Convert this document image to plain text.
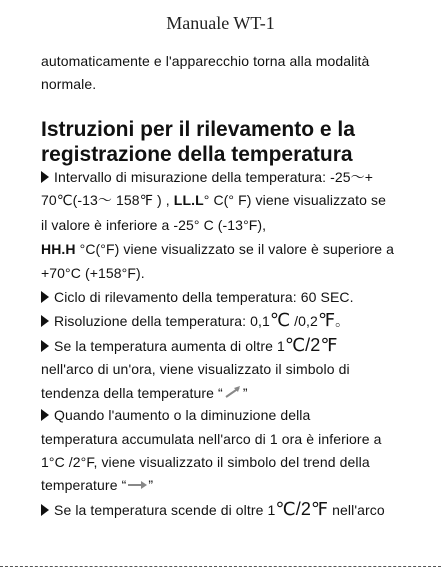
Manuale WT-1
automaticamente e l'apparecchio torna alla modalità
normale.
Istruzioni per il rilevamento e la
registrazione della temperatura
Intervallo di misurazione della temperatura: -25～+
70℃(-13～ 158℉ ) , LL.L° C(° F) viene visualizzato se
il valore è inferiore a -25° C (-13°F),
HH.H °C(°F) viene visualizzato se il valore è superiore a
+70°C (+158°F).
Ciclo di rilevamento della temperatura: 60 SEC.
Risoluzione della temperatura: 0,1℃ /0,2℉。
Se la temperatura aumenta di oltre 1℃/2℉
nell'arco di un'ora, viene visualizzato il simbolo di
tendenza della temperature “ ”
Quando l'aumento o la diminuzione della
temperatura accumulata nell'arco di 1 ora è inferiore a
1°C /2°F, viene visualizzato il simbolo del trend della
temperature “ ”
Se la temperatura scende di oltre 1℃/2℉ nell'arco
